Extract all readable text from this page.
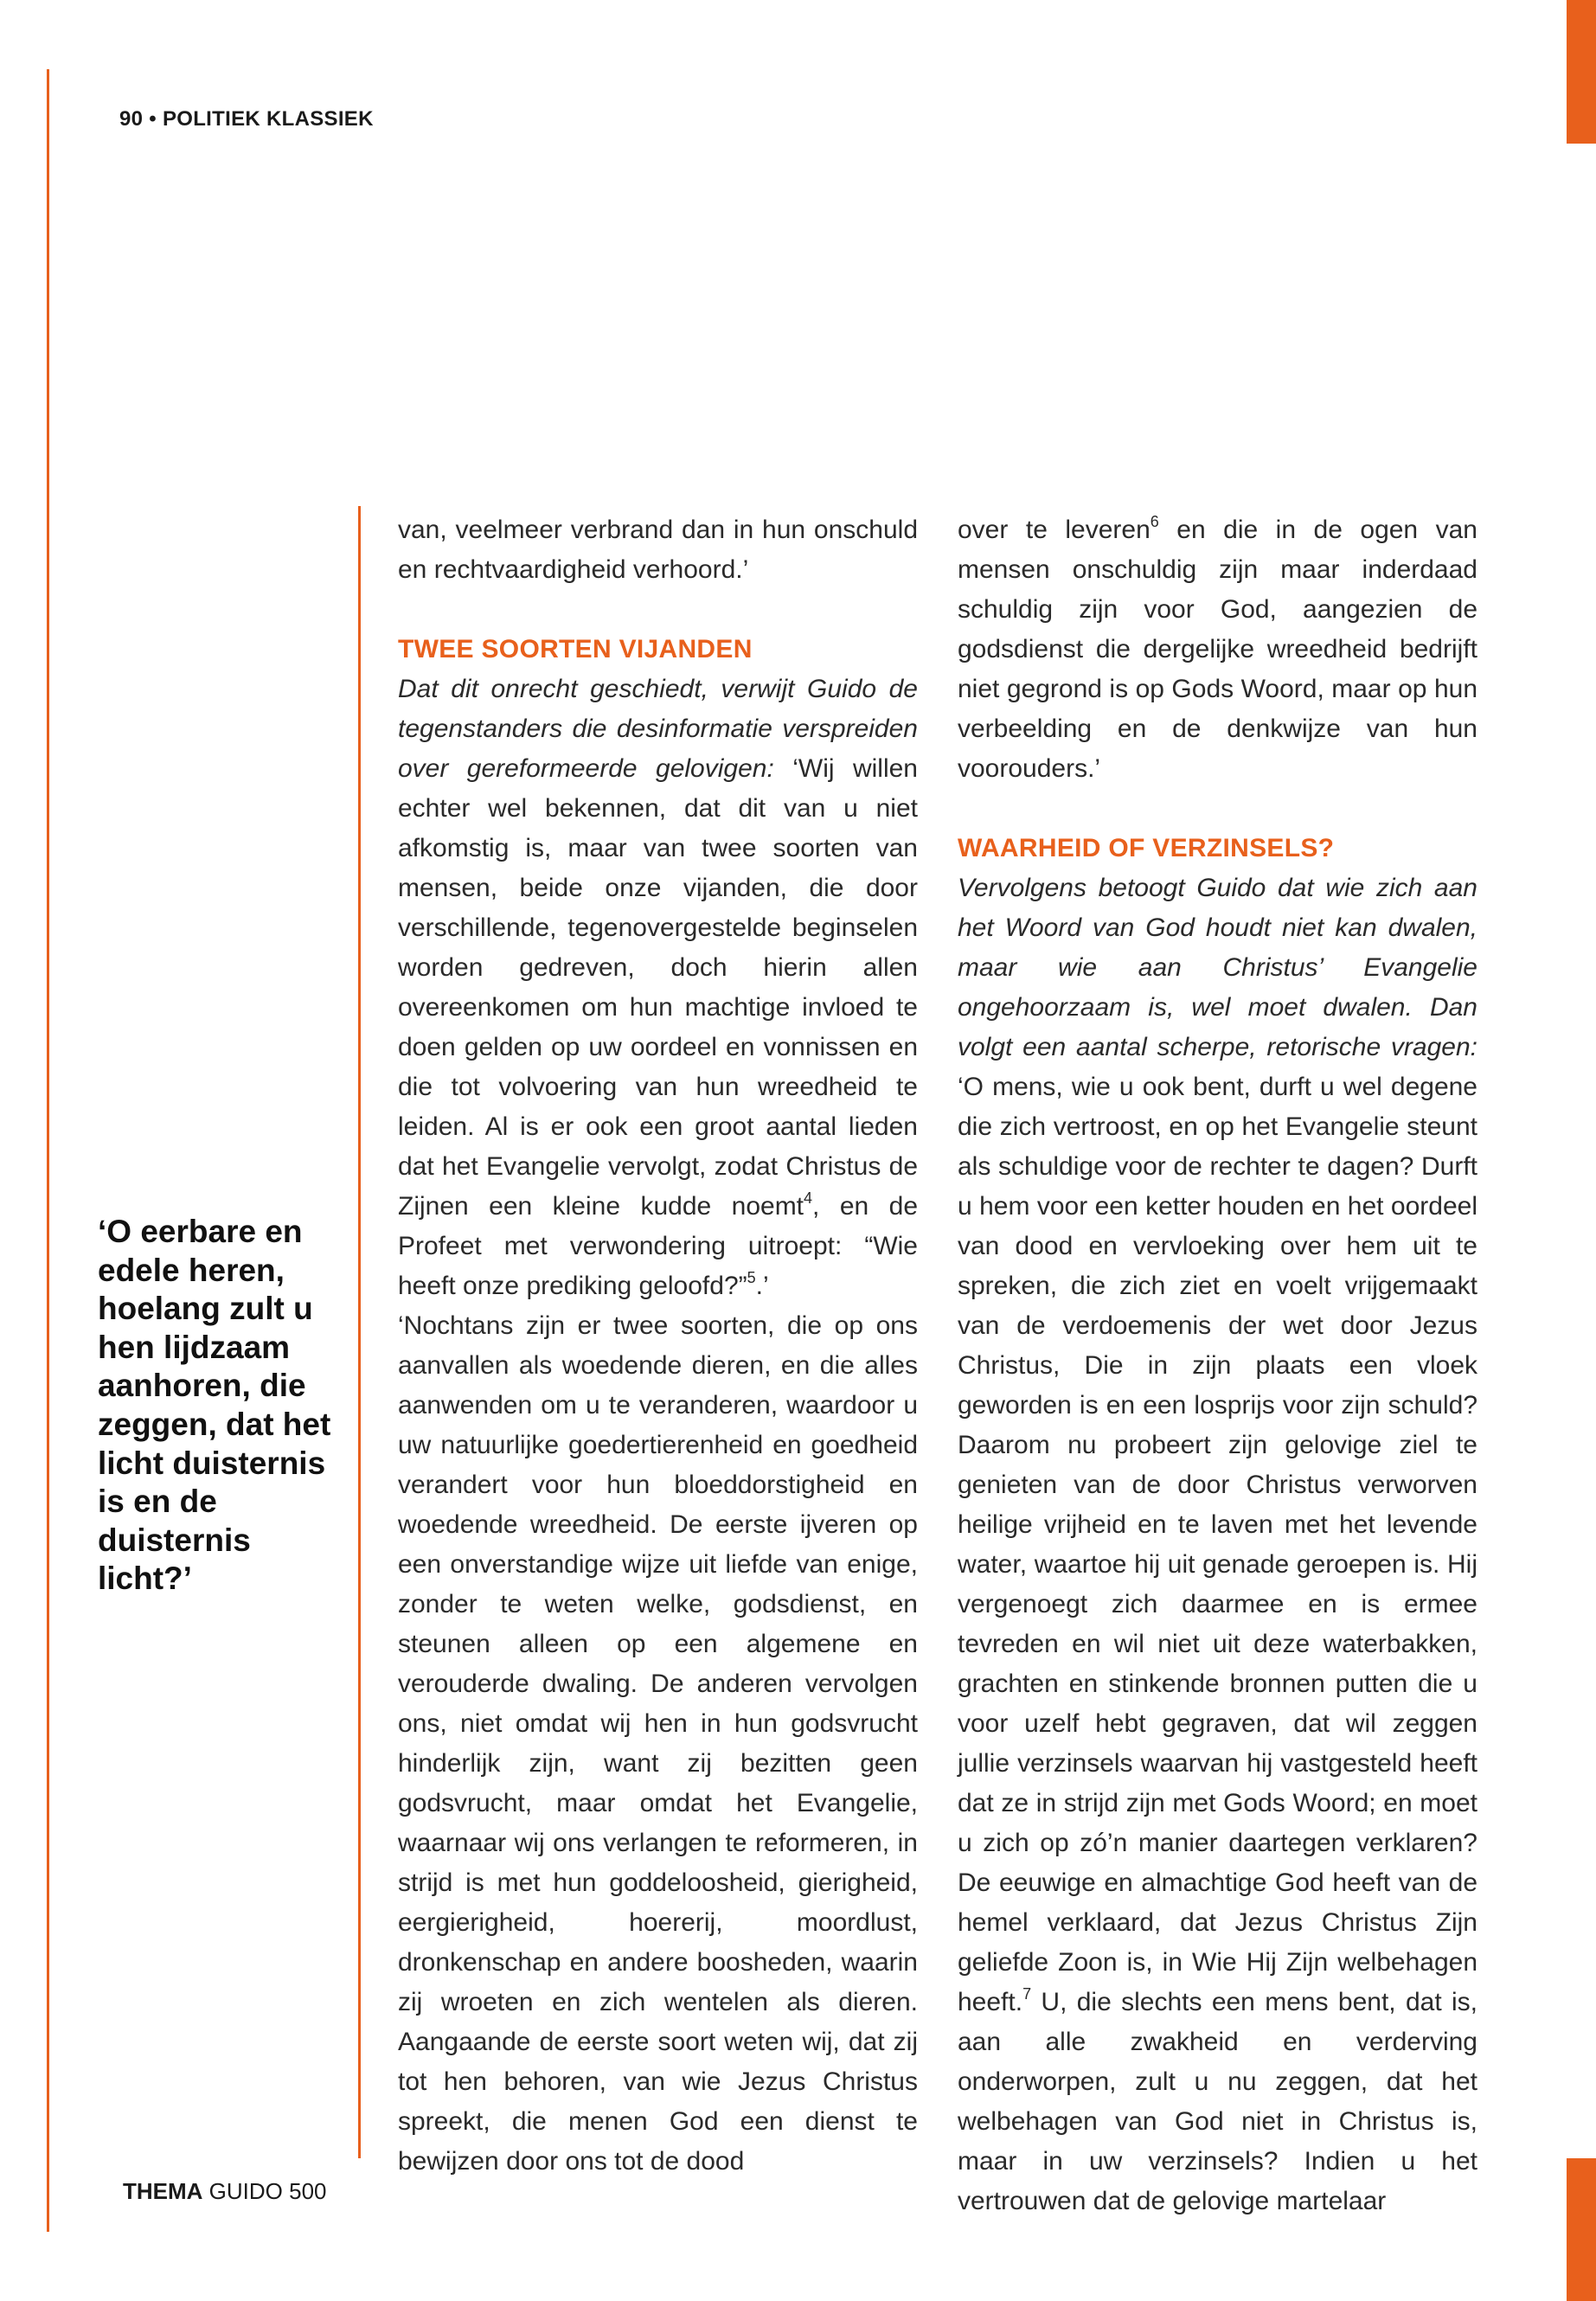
90 • POLITIEK KLASSIEK
‘O eerbare en edele heren, hoelang zult u hen lijdzaam aanhoren, die zeggen, dat het licht duisternis is en de duisternis licht?’

van, veelmeer verbrand dan in hun onschuld en rechtvaardigheid verhoord.’

TWEE SOORTEN VIJANDEN

Dat dit onrecht geschiedt, verwijt Guido de tegenstanders die desinformatie verspreiden over gereformeerde gelovigen: ‘Wij willen echter wel bekennen, dat dit van u niet afkomstig is, maar van twee soorten van mensen, beide onze vijanden, die door verschillende, tegenovergestelde beginselen worden gedreven, doch hierin allen overeenkomen om hun machtige invloed te doen gelden op uw oordeel en vonnissen en die tot volvoering van hun wreedheid te leiden. Al is er ook een groot aantal lieden dat het Evangelie vervolgt, zodat Christus de Zijnen een kleine kudde noemt$^4$, en de Profeet met verwondering uitroept: “Wie heeft onze prediking geloofd?”$^5$.’

‘Nochtans zijn er twee soorten, die op ons aanvallen als woedende dieren, en die alles aanwenden om u te veranderen, waardoor u uw natuurlijke goedertierenheid en goedheid verandert voor hun bloeddorstigheid en woedende wreedheid. De eerste ijveren op een onverstandige wijze uit liefde van enige, zonder te weten welke, godsdienst, en steunen alleen op een algemene en verouderde dwaling. De anderen vervolgen ons, niet omdat wij hen in hun godsvrucht hinderlijk zijn, want zij bezitten geen godsvrucht, maar omdat het Evangelie, waarnaar wij ons verlangen te reformeren, in strijd is met hun goddeloosheid, gierigheid, eergierigheid, hoererij, moordlust, dronkenschap en andere boosheden, waarin zij wroeten en zich wentelen als dieren. Aangaande de eerste soort weten wij, dat zij tot hen behoren, van wie Jezus Christus spreekt, die menen God een dienst te bewijzen door ons tot de dood

over te leveren$^6$ en die in de ogen van mensen onschuldig zijn maar inderdaad schuldig zijn voor God, aangezien de godsdienst die dergelijke wreedheid bedrijft niet gegrond is op Gods Woord, maar op hun verbeelding en de denkwijze van hun voorouders.’

WAARHEID OF VERZINSELS?

Vervolgens betoogt Guido dat wie zich aan het Woord van God houdt niet kan dwalen, maar wie aan Christus’ Evangelie ongehoorzaam is, wel moet dwalen. Dan volgt een aantal scherpe, retorische vragen: ‘O mens, wie u ook bent, durft u wel degene die zich vertroost, en op het Evangelie steunt als schuldige voor de rechter te dagen? Durft u hem voor een ketter houden en het oordeel van dood en vervloeking over hem uit te spreken, die zich ziet en voelt vrijgemaakt van de verdoemenis der wet door Jezus Christus, Die in zijn plaats een vloek geworden is en een losprijs voor zijn schuld? Daarom nu probeert zijn gelovige ziel te genieten van de door Christus verworven heilige vrijheid en te laven met het levende water, waartoe hij uit genade geroepen is. Hij vergenoegt zich daarmee en is ermee tevreden en wil niet uit deze waterbakken, grachten en stinkende bronnen putten die u voor uzelf hebt gegraven, dat wil zeggen jullie verzinsels waarvan hij vastgesteld heeft dat ze in strijd zijn met Gods Woord; en moet u zich op zó’n manier daartegen verklaren? De eeuwige en almachtige God heeft van de hemel verklaard, dat Jezus Christus Zijn geliefde Zoon is, in Wie Hij Zijn welbehagen heeft.$^7$ U, die slechts een mens bent, dat is, aan alle zwakheid en verderving onderworpen, zult u nu zeggen, dat het welbehagen van God niet in Christus is, maar in uw verzinsels? Indien u het vertrouwen dat de gelovige martelaar

THEMA GUIDO 500
